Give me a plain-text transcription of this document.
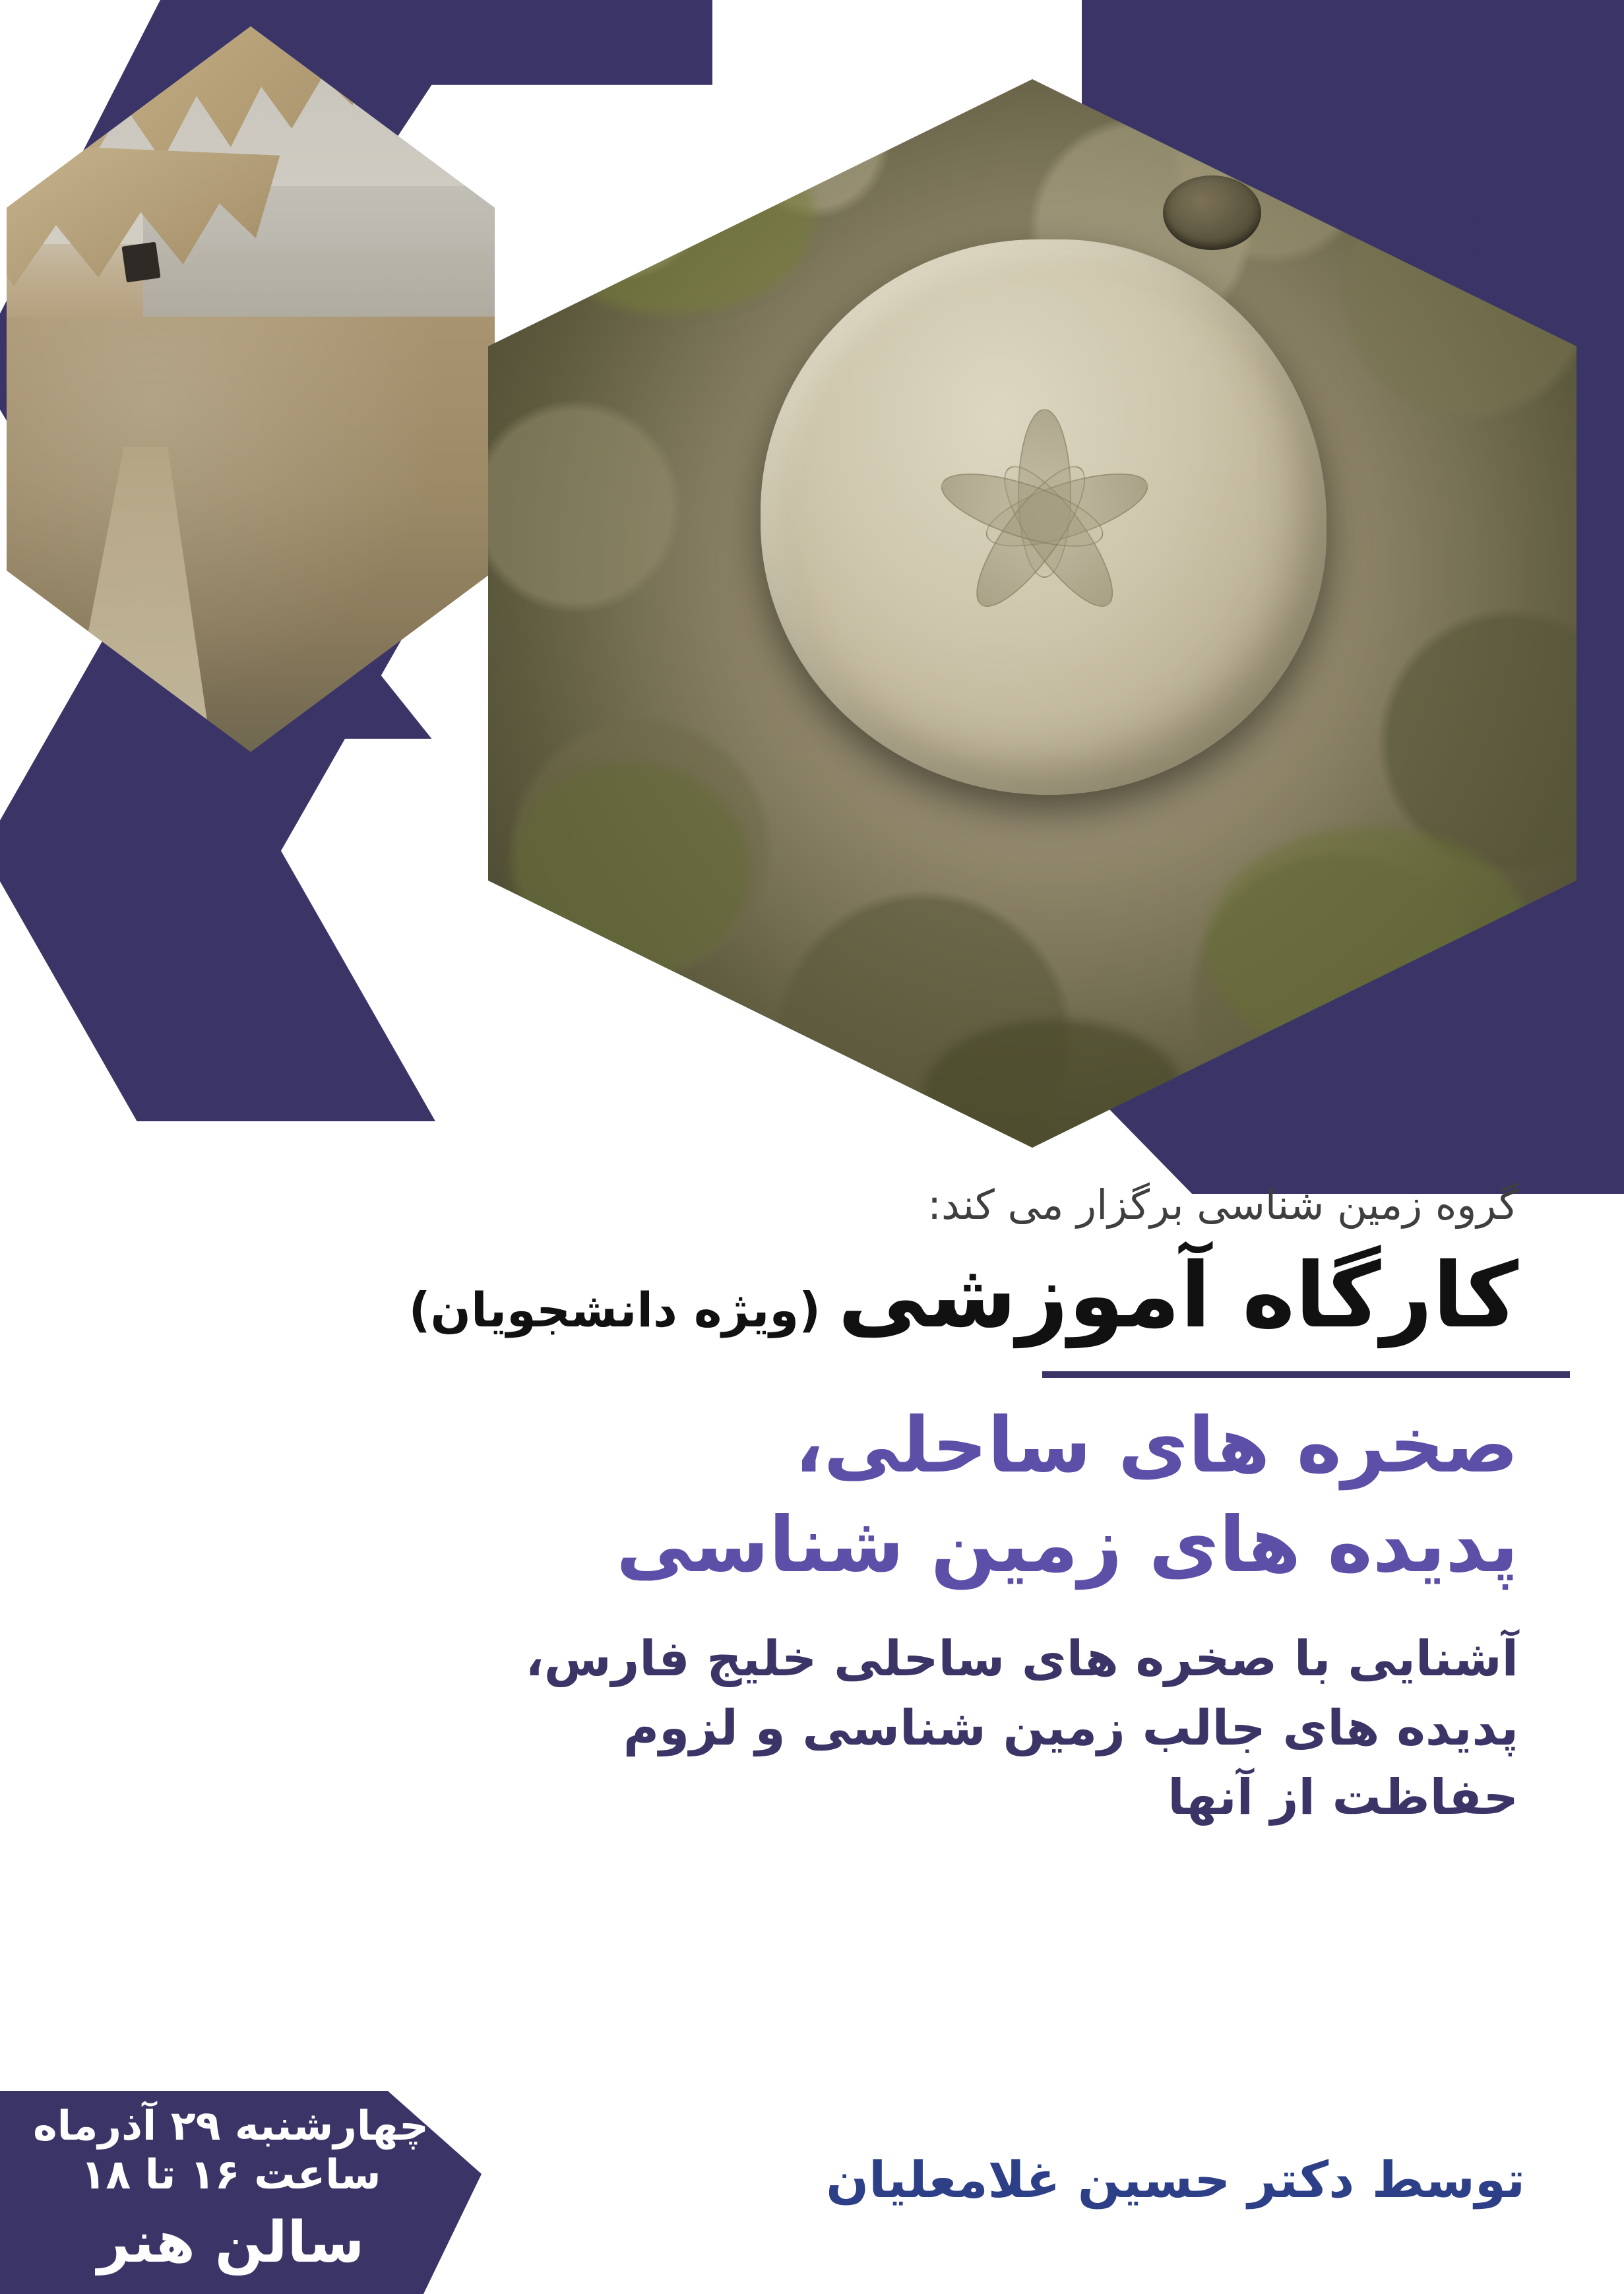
گروه زمین شناسی برگزار می کند:
کارگاه آموزشی
(ویژه دانشجویان)
صخره های ساحلی، پدیده های زمین شناسی
آشنایی با صخره های ساحلی خلیج فارس، پدیده های جالب زمین شناسی و لزوم حفاظت از آنها
چهارشنبه ۲۹ آذرماه
ساعت ۱۶ تا ۱۸
سالن هنر
توسط دکتر حسین غلامعلیان
